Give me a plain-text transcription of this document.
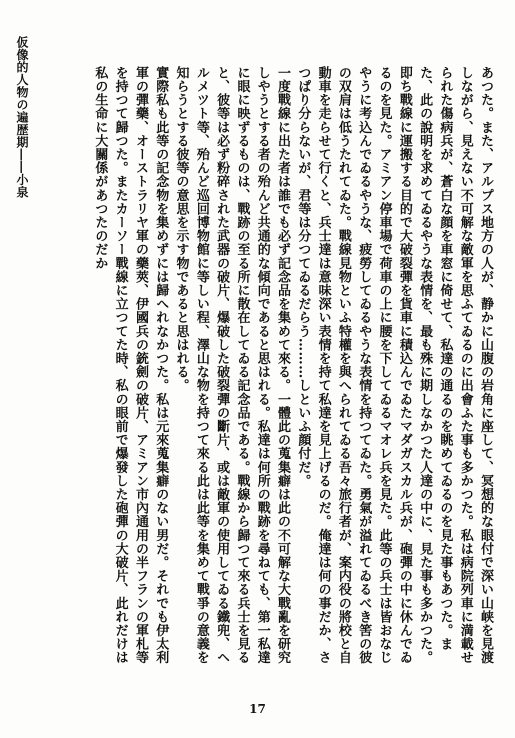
仮像的人物の遍歴期――小泉	あつた。また、アルプス地方の人が、静かに山腹の岩角に座して、冥想的な眼付で深い山峡を見渡しながら、見えない不可解な敵軍を思ふてゐるのに出會ふた事も多かつた。私は病院列車に満載せられた傷病兵が、蒼白な顔を車窓に倚せて、私達の通るのを眺めてゐるのを見た事もあつた。また、此の說明を求めてゐるやうな表情を、最も殊に期しなかつた人達の中に、見た事も多かつた。即ち戰線に運搬する目的で大破裂彈を貨車に積込んでゐたマダガスカル兵が、砲彈の中に休んでゐるのを見た。アミアン停車場で荷車の上に腰を下してゐるマオレ兵を見た。此等の兵士は皆おなじやうに考込んでゐるやうな、疲勞してゐるやうな表情を持つてゐた。勇氣が溢れてゐるべき筈の彼の双肩は低うたれてゐた。戰線見物といふ特權を與へられてゐる吾々旅行者が、案内役の將校と自動車を走らせて行くと、兵士達は意味深い表情を持て私達を見上げるのだ。俺達は何の事だか、さつぱり分らないが、君等は分つてゐるだらう………しといふ顔付だ。

一度戰線に出た者は誰でも必ず記念品を集めて來る。一體此の蒐集癖は此の不可解な大戰亂を研究しやうとする者の殆んど共通的な傾向であると思はれる。私達は何所の戰跡を尋ねても、第一私達に眼に映ずるものは、戰跡の至る所に散在してゐる記念品である。戰線から歸つて來る兵士を見ると、彼等は必ず粉碎された武器の破片、爆破した破裂彈の斷片、或は敵軍の使用してゐる鐵兜、ヘルメツト等、殆んど巡回博物館に等しい程、澤山な物を持つて來る此は此等を集めて戰爭の意義を知らうとする彼等の意思を示す物であると思はれる。

實際私も此等の記念物を集めずには歸へれなかつた。私は元來蒐集癖のない男だ。それでも伊太利軍の彈藥、オーストラリヤ軍の藥莢、伊國兵の銃劍の破片、アミアン市內通用の半フランの軍札等を持つて歸つた。またカーソー戰線に立つてた時、私の眼前で爆發した砲彈の大破片、此れだけは私の生命に大關係があつたのだか

17
